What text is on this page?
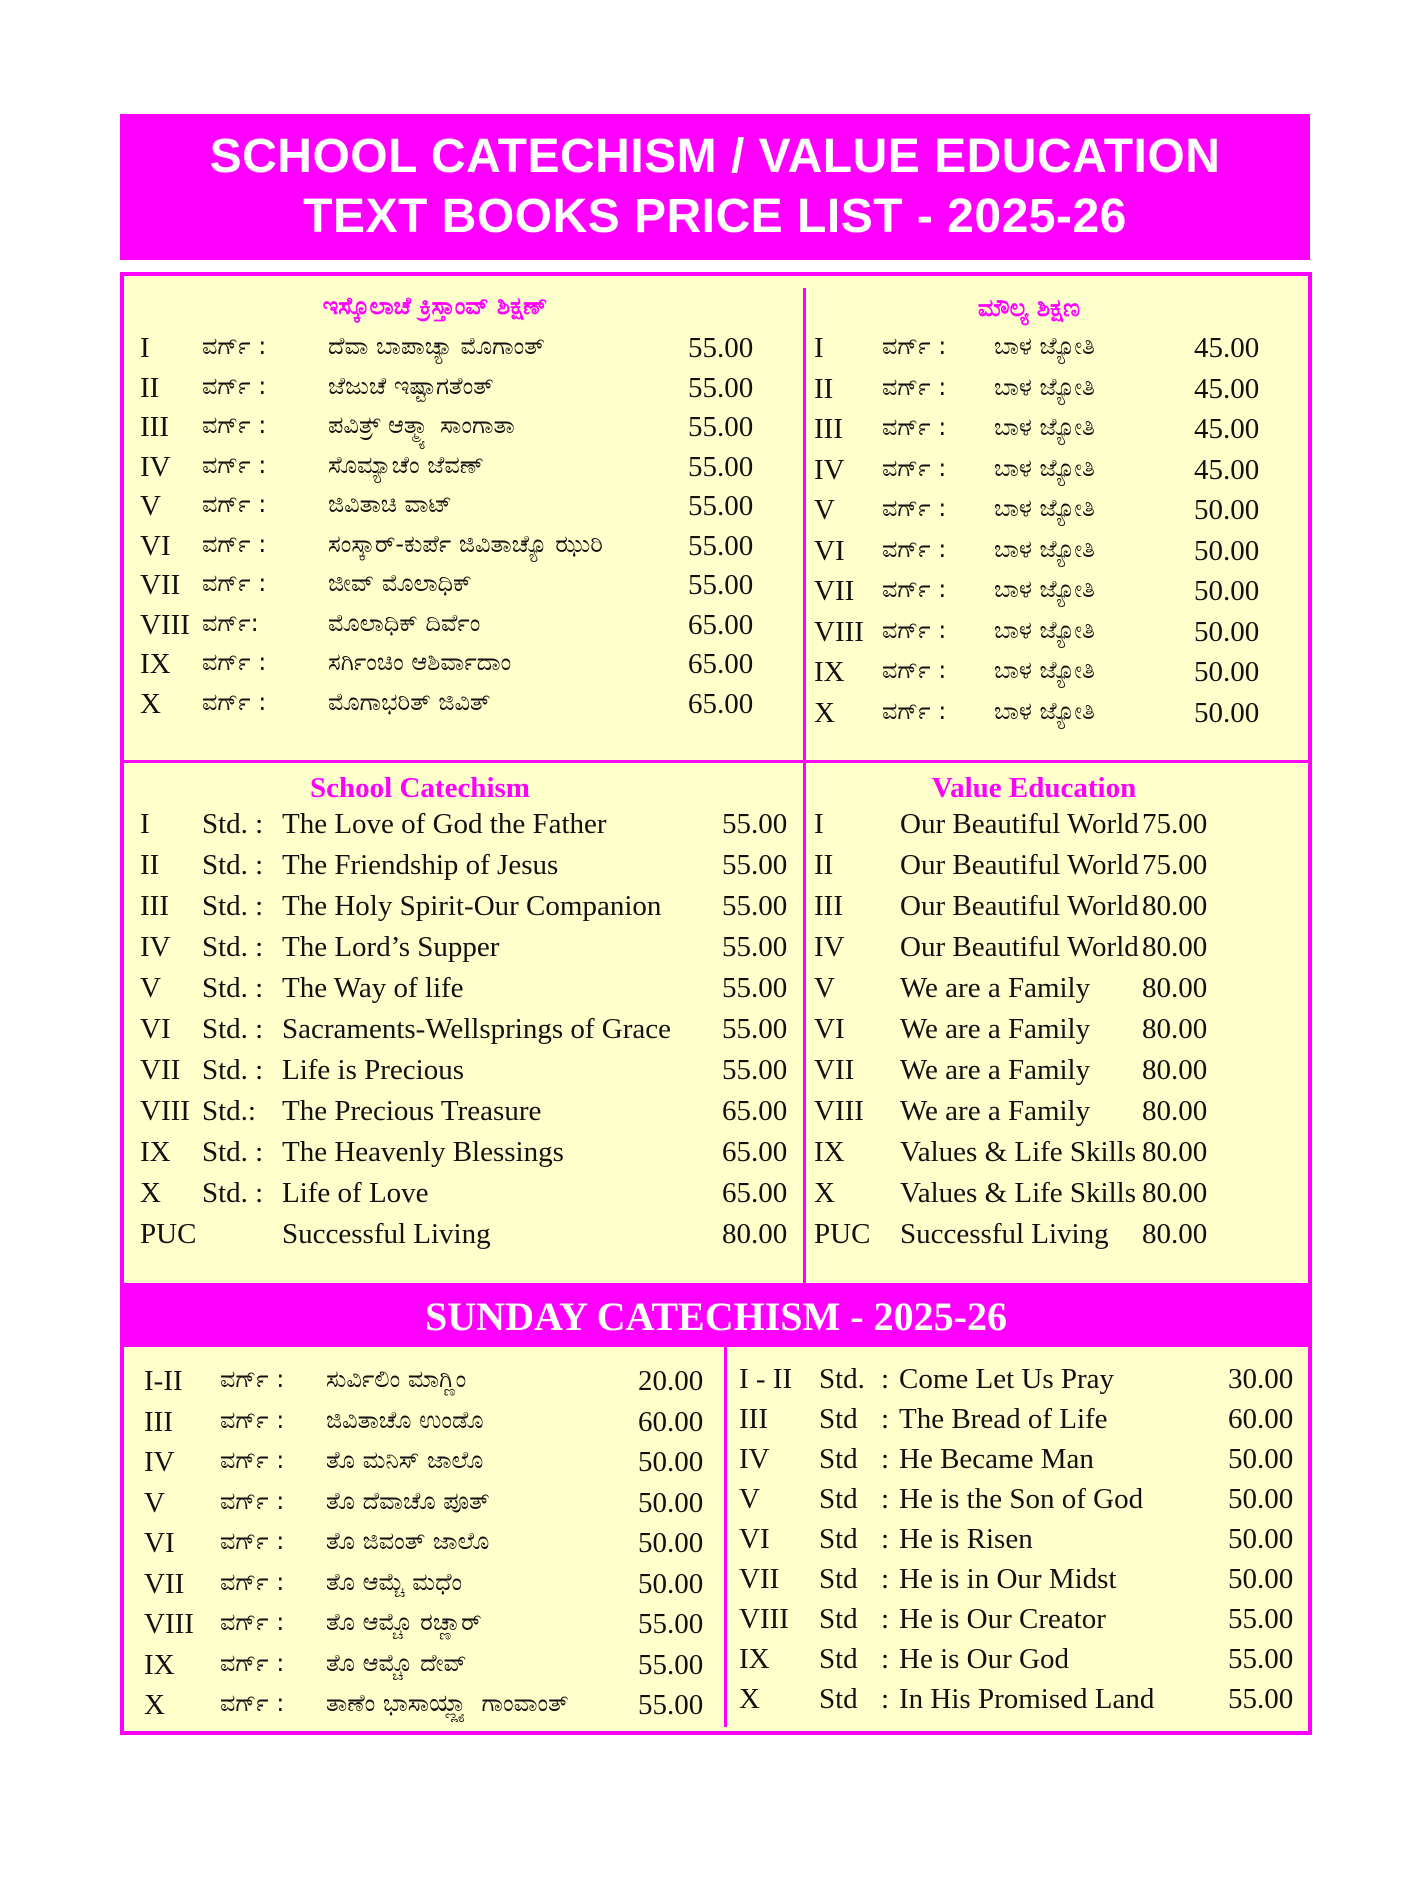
SCHOOL CATECHISM / VALUE EDUCATION
TEXT BOOKS PRICE LIST - 2025-26
ಇಸ್ಕೊಲಾಚೆ ಕ್ರಿಸ್ತಾಂವ್ ಶಿಕ್ಷಣ್
I ವರ್ಗ್ :	ದೆವಾ ಬಾಪಾಚ್ಯಾ ಮೊಗಾಂತ್	55.00
II ವರ್ಗ್ :	ಜೆಜುಚೆ ಇಷ್ಟಾಗತೆಂತ್	55.00
III ವರ್ಗ್ :	ಪವಿತ್ರ್ ಆತ್ಮ್ಯಾ ಸಾಂಗಾತಾ	55.00
IV ವರ್ಗ್ :	ಸೊಮ್ಯಾಚೆಂ ಜೆವಣ್	55.00
V ವರ್ಗ್ :	ಜಿವಿತಾಚಿ ವಾಟ್	55.00
VI ವರ್ಗ್ :	ಸಂಸ್ಕಾರ್-ಕುರ್ಪೆ ಜಿವಿತಾಚ್ಯೊ ಝುರಿ	55.00
VII ವರ್ಗ್ :	ಜೀವ್ ಮೊಲಾಧಿಕ್	55.00
VIII ವರ್ಗ್:	ಮೊಲಾಧಿಕ್ ದಿರ್ವೆಂ	65.00
IX ವರ್ಗ್ :	ಸರ್ಗಿಂಚಿಂ ಆಶಿರ್ವಾದಾಂ	65.00
X ವರ್ಗ್ :	ಮೊಗಾಭರಿತ್ ಜಿವಿತ್	65.00
ಮೌಲ್ಯ ಶಿಕ್ಷಣ
I ವರ್ಗ್ : ಬಾಳ ಜ್ಯೋತಿ	45.00
II ವರ್ಗ್ : ಬಾಳ ಜ್ಯೋತಿ	45.00
III ವರ್ಗ್ : ಬಾಳ ಜ್ಯೋತಿ	45.00
IV ವರ್ಗ್ : ಬಾಳ ಜ್ಯೋತಿ	45.00
V ವರ್ಗ್ : ಬಾಳ ಜ್ಯೋತಿ	50.00
VI ವರ್ಗ್ : ಬಾಳ ಜ್ಯೋತಿ	50.00
VII ವರ್ಗ್ : ಬಾಳ ಜ್ಯೋತಿ	50.00
VIII ವರ್ಗ್ : ಬಾಳ ಜ್ಯೋತಿ	50.00
IX ವರ್ಗ್ : ಬಾಳ ಜ್ಯೋತಿ	50.00
X ವರ್ಗ್ : ಬಾಳ ಜ್ಯೋತಿ	50.00
School Catechism
I Std. : The Love of God the Father	55.00
II Std. : The Friendship of Jesus	55.00
III Std. : The Holy Spirit-Our Companion 55.00
IV Std. : The Lord’s Supper	55.00
V Std. : The Way of life	55.00
VI Std. : Sacraments-Wellsprings of Grace 55.00
VII Std. : Life is Precious	55.00
VIII Std.: The Precious Treasure	65.00
IX Std. : The Heavenly Blessings	65.00
X Std. : Life of Love	65.00
PUC	Successful Living	80.00
Value Education
I	Our Beautiful World 75.00
II Our Beautiful World 75.00
III Our Beautiful World 80.00
IV Our Beautiful World 80.00
V We are a Family 80.00
VI We are a Family 80.00
VII We are a Family 80.00
VIII We are a Family 80.00
IX Values & Life Skills 80.00
X Values & Life Skills 80.00
PUC Successful Living 80.00
SUNDAY CATECHISM - 2025-26
I-II ವರ್ಗ್ : ಸುರ್ವಿಲಿಂ ಮಾಗ್ಣಿಂ	20.00
III ವರ್ಗ್ : ಜಿವಿತಾಚೊ ಉಂಡೊ	60.00
IV ವರ್ಗ್ : ತೊ ಮನಿಸ್ ಜಾಲೊ	50.00
V ವರ್ಗ್ : ತೊ ದೆವಾಚೊ ಪೂತ್	50.00
VI ವರ್ಗ್ : ತೊ ಜಿವಂತ್ ಜಾಲೊ	50.00
VII ವರ್ಗ್ : ತೊ ಆಮ್ಚೆ ಮಧೆಂ	50.00
VIII ವರ್ಗ್ : ತೊ ಆಮ್ಚೊ ರಚ್ಣಾರ್	55.00
IX ವರ್ಗ್ : ತೊ ಆಮ್ಚೊ ದೇವ್	55.00
X ವರ್ಗ್ : ತಾಣೆಂ ಭಾಸಾಯ್ಲ್ಲ್ಯಾ ಗಾಂವಾಂತ್ 55.00
I - II Std. Come Let Us Pray	30.00
:
III Std The Bread of Life	60.00
:
IV Std He Became Man	50.00
:
V Std He is the Son of God	50.00
:
VI Std He is Risen	50.00
:
VII Std He is in Our Midst	50.00
:
VIII Std He is Our Creator	55.00
:
IX Std He is Our God	55.00
:
X Std In His Promised Land	55.00
:
